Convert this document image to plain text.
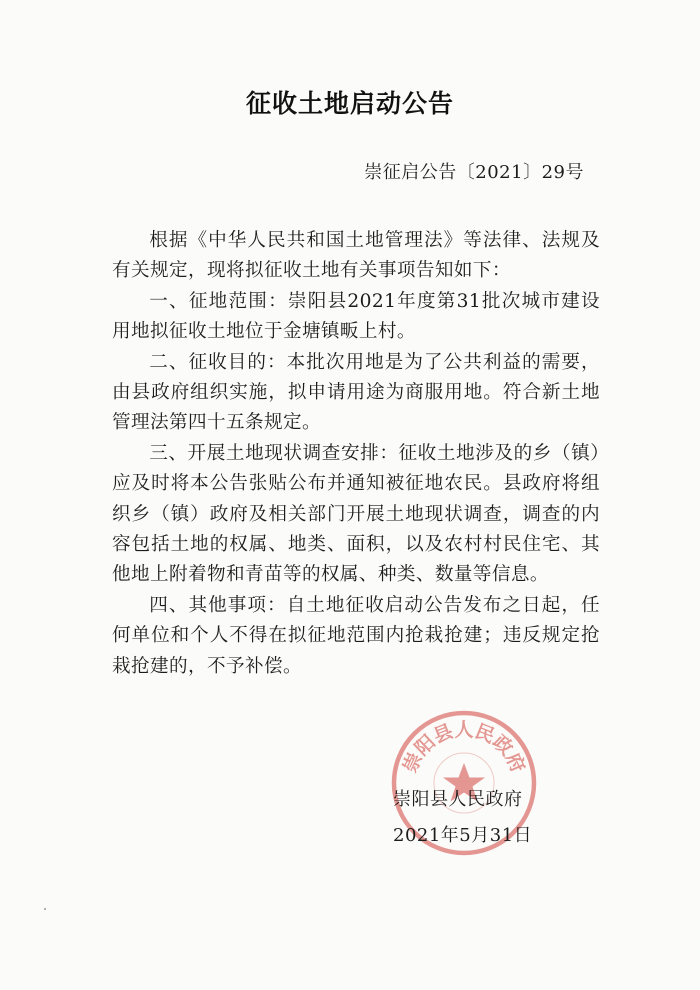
征收土地启动公告
崇征启公告〔2021〕29号

根据《中华人民共和国土地管理法》等法律、法规及有关规定，现将拟征收土地有关事项告知如下：

一、征地范围：崇阳县2021年度第31批次城市建设用地拟征收土地位于金塘镇畈上村。

二、征收目的：本批次用地是为了公共利益的需要，由县政府组织实施，拟申请用途为商服用地。符合新土地管理法第四十五条规定。

三、开展土地现状调查安排：征收土地涉及的乡（镇）应及时将本公告张贴公布并通知被征地农民。县政府将组织乡（镇）政府及相关部门开展土地现状调查，调查的内容包括土地的权属、地类、面积，以及农村村民住宅、其他地上附着物和青苗等的权属、种类、数量等信息。

四、其他事项：自土地征收启动公告发布之日起，任何单位和个人不得在拟征地范围内抢栽抢建；违反规定抢栽抢建的，不予补偿。

崇阳县人民政府
崇阳县人民政府
2021年5月31日
